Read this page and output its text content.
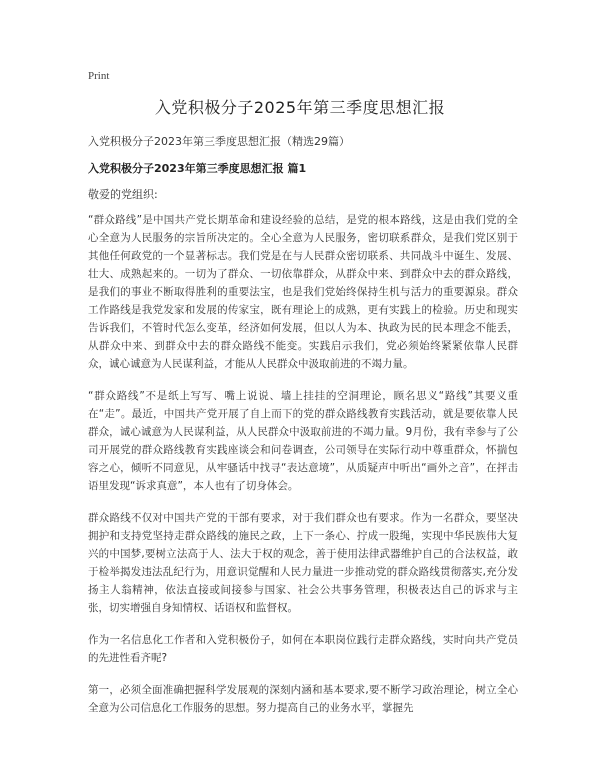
Print
入党积极分子2025年第三季度思想汇报
入党积极分子2023年第三季度思想汇报（精选29篇）
入党积极分子2023年第三季度思想汇报 篇1
敬爱的党组织:

“群众路线”是中国共产党长期革命和建设经验的总结，是党的根本路线，这是由我们党的全心全意为人民服务的宗旨所决定的。全心全意为人民服务，密切联系群众，是我们党区别于其他任何政党的一个显著标志。我们党是在与人民群众密切联系、共同战斗中诞生、发展、壮大、成熟起来的。一切为了群众、一切依靠群众，从群众中来、到群众中去的群众路线，是我们的事业不断取得胜利的重要法宝，也是我们党始终保持生机与活力的重要源泉。群众工作路线是我党发家和发展的传家宝，既有理论上的成熟，更有实践上的检验。历史和现实告诉我们，不管时代怎么变革，经济如何发展，但以人为本、执政为民的民本理念不能丢，从群众中来、到群众中去的群众路线不能变。实践启示我们，党必须始终紧紧依靠人民群众，诚心诚意为人民谋利益，才能从人民群众中汲取前进的不竭力量。

“群众路线”不是纸上写写、嘴上说说、墙上挂挂的空洞理论，顾名思义“路线”其要义重在“走”。最近，中国共产党开展了自上而下的党的群众路线教育实践活动，就是要依靠人民群众，诚心诚意为人民谋利益，从人民群众中汲取前进的不竭力量。9月份，我有幸参与了公司开展党的群众路线教育实践座谈会和问卷调查，公司领导在实际行动中尊重群众，怀揣包容之心，倾听不同意见，从牢骚话中找寻“表达意境”，从质疑声中听出“画外之音”，在抨击语里发现“诉求真意”，本人也有了切身体会。

群众路线不仅对中国共产党的干部有要求，对于我们群众也有要求。作为一名群众，要坚决拥护和支持党坚持走群众路线的施民之政，上下一条心、拧成一股绳，实现中华民族伟大复兴的中国梦,要树立法高于人、法大于权的观念，善于使用法律武器维护自己的合法权益，敢于检举揭发违法乱纪行为，用意识觉醒和人民力量进一步推动党的群众路线贯彻落实,充分发扬主人翁精神，依法直接或间接参与国家、社会公共事务管理，积极表达自己的诉求与主张，切实增强自身知情权、话语权和监督权。

作为一名信息化工作者和入党积极份子，如何在本职岗位践行走群众路线，实时向共产党员的先进性看齐呢?

第一，必须全面准确把握科学发展观的深刻内涵和基本要求,要不断学习政治理论，树立全心全意为公司信息化工作服务的思想。努力提高自己的业务水平，掌握先
